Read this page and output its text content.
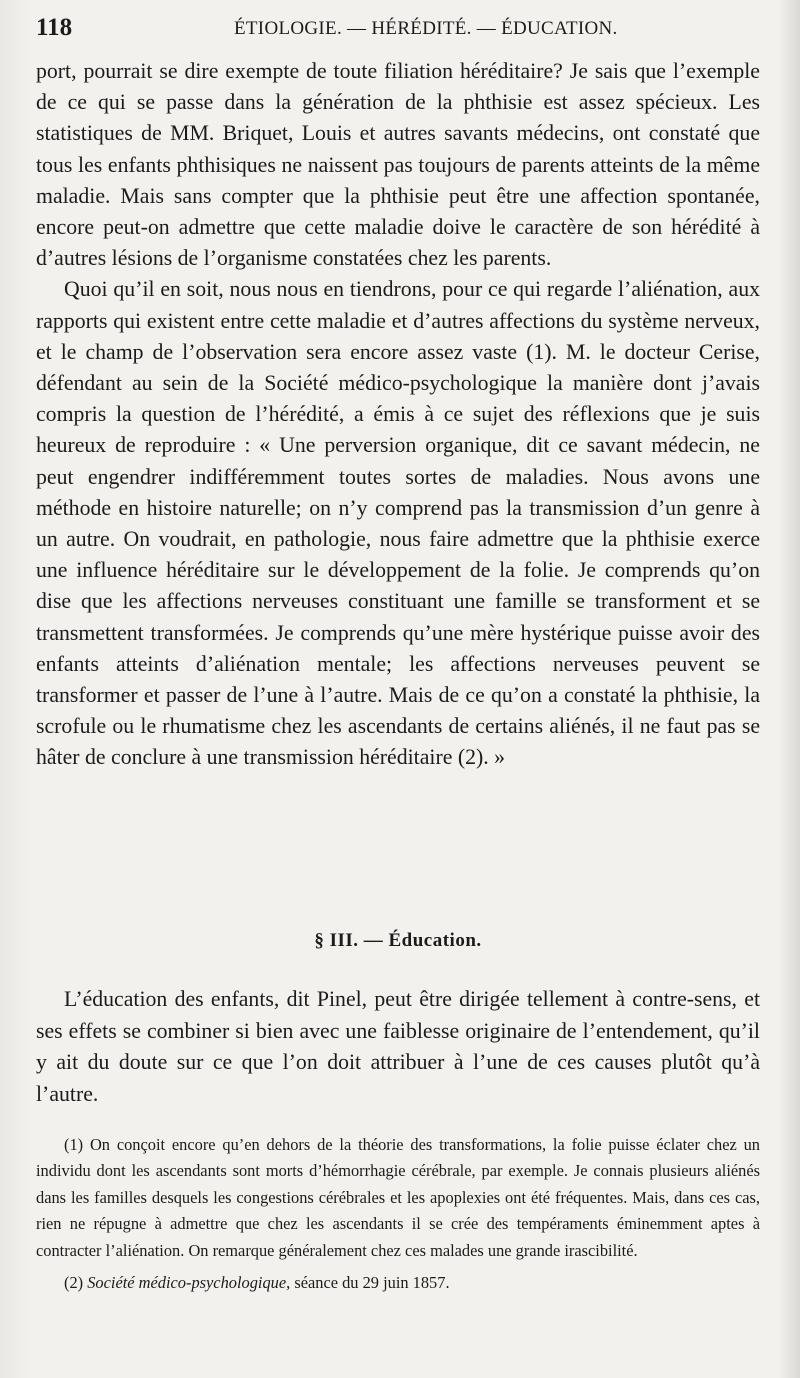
118	ÉTIOLOGIE. — HÉRÉDITÉ. — ÉDUCATION.

port, pourrait se dire exempte de toute filiation héréditaire? Je sais que l’exemple de ce qui se passe dans la génération de la phthisie est assez spécieux. Les statistiques de MM. Briquet, Louis et autres savants médecins, ont constaté que tous les enfants phthisiques ne naissent pas toujours de parents atteints de la même maladie. Mais sans compter que la phthisie peut être une affection spontanée, encore peut-on admettre que cette maladie doive le caractère de son hérédité à d’autres lésions de l’organisme constatées chez les parents.

Quoi qu’il en soit, nous nous en tiendrons, pour ce qui regarde l’aliénation, aux rapports qui existent entre cette maladie et d’autres affections du système nerveux, et le champ de l’observation sera encore assez vaste (1). M. le docteur Cerise, défendant au sein de la Société médico-psychologique la manière dont j’avais compris la question de l’hérédité, a émis à ce sujet des réflexions que je suis heureux de reproduire : « Une perversion organique, dit ce savant médecin, ne peut engendrer indifféremment toutes sortes de maladies. Nous avons une méthode en histoire naturelle; on n’y comprend pas la transmission d’un genre à un autre. On voudrait, en pathologie, nous faire admettre que la phthisie exerce une influence héréditaire sur le développement de la folie. Je comprends qu’on dise que les affections nerveuses constituant une famille se transforment et se transmettent transformées. Je comprends qu’une mère hystérique puisse avoir des enfants atteints d’aliénation mentale; les affections nerveuses peuvent se transformer et passer de l’une à l’autre. Mais de ce qu’on a constaté la phthisie, la scrofule ou le rhumatisme chez les ascendants de certains aliénés, il ne faut pas se hâter de conclure à une transmission héréditaire (2). »

§ III. — Éducation.
L’éducation des enfants, dit Pinel, peut être dirigée tellement à contre-sens, et ses effets se combiner si bien avec une faiblesse originaire de l’entendement, qu’il y ait du doute sur ce que l’on doit attribuer à l’une de ces causes plutôt qu’à l’autre.

(1) On conçoit encore qu’en dehors de la théorie des transformations, la folie puisse éclater chez un individu dont les ascendants sont morts d’hémorrhagie cérébrale, par exemple. Je connais plusieurs aliénés dans les familles desquels les congestions cérébrales et les apoplexies ont été fréquentes. Mais, dans ces cas, rien ne répugne à admettre que chez les ascendants il se crée des tempéraments éminemment aptes à contracter l’aliénation. On remarque généralement chez ces malades une grande irascibilité.

(2) Société médico-psychologique, séance du 29 juin 1857.
